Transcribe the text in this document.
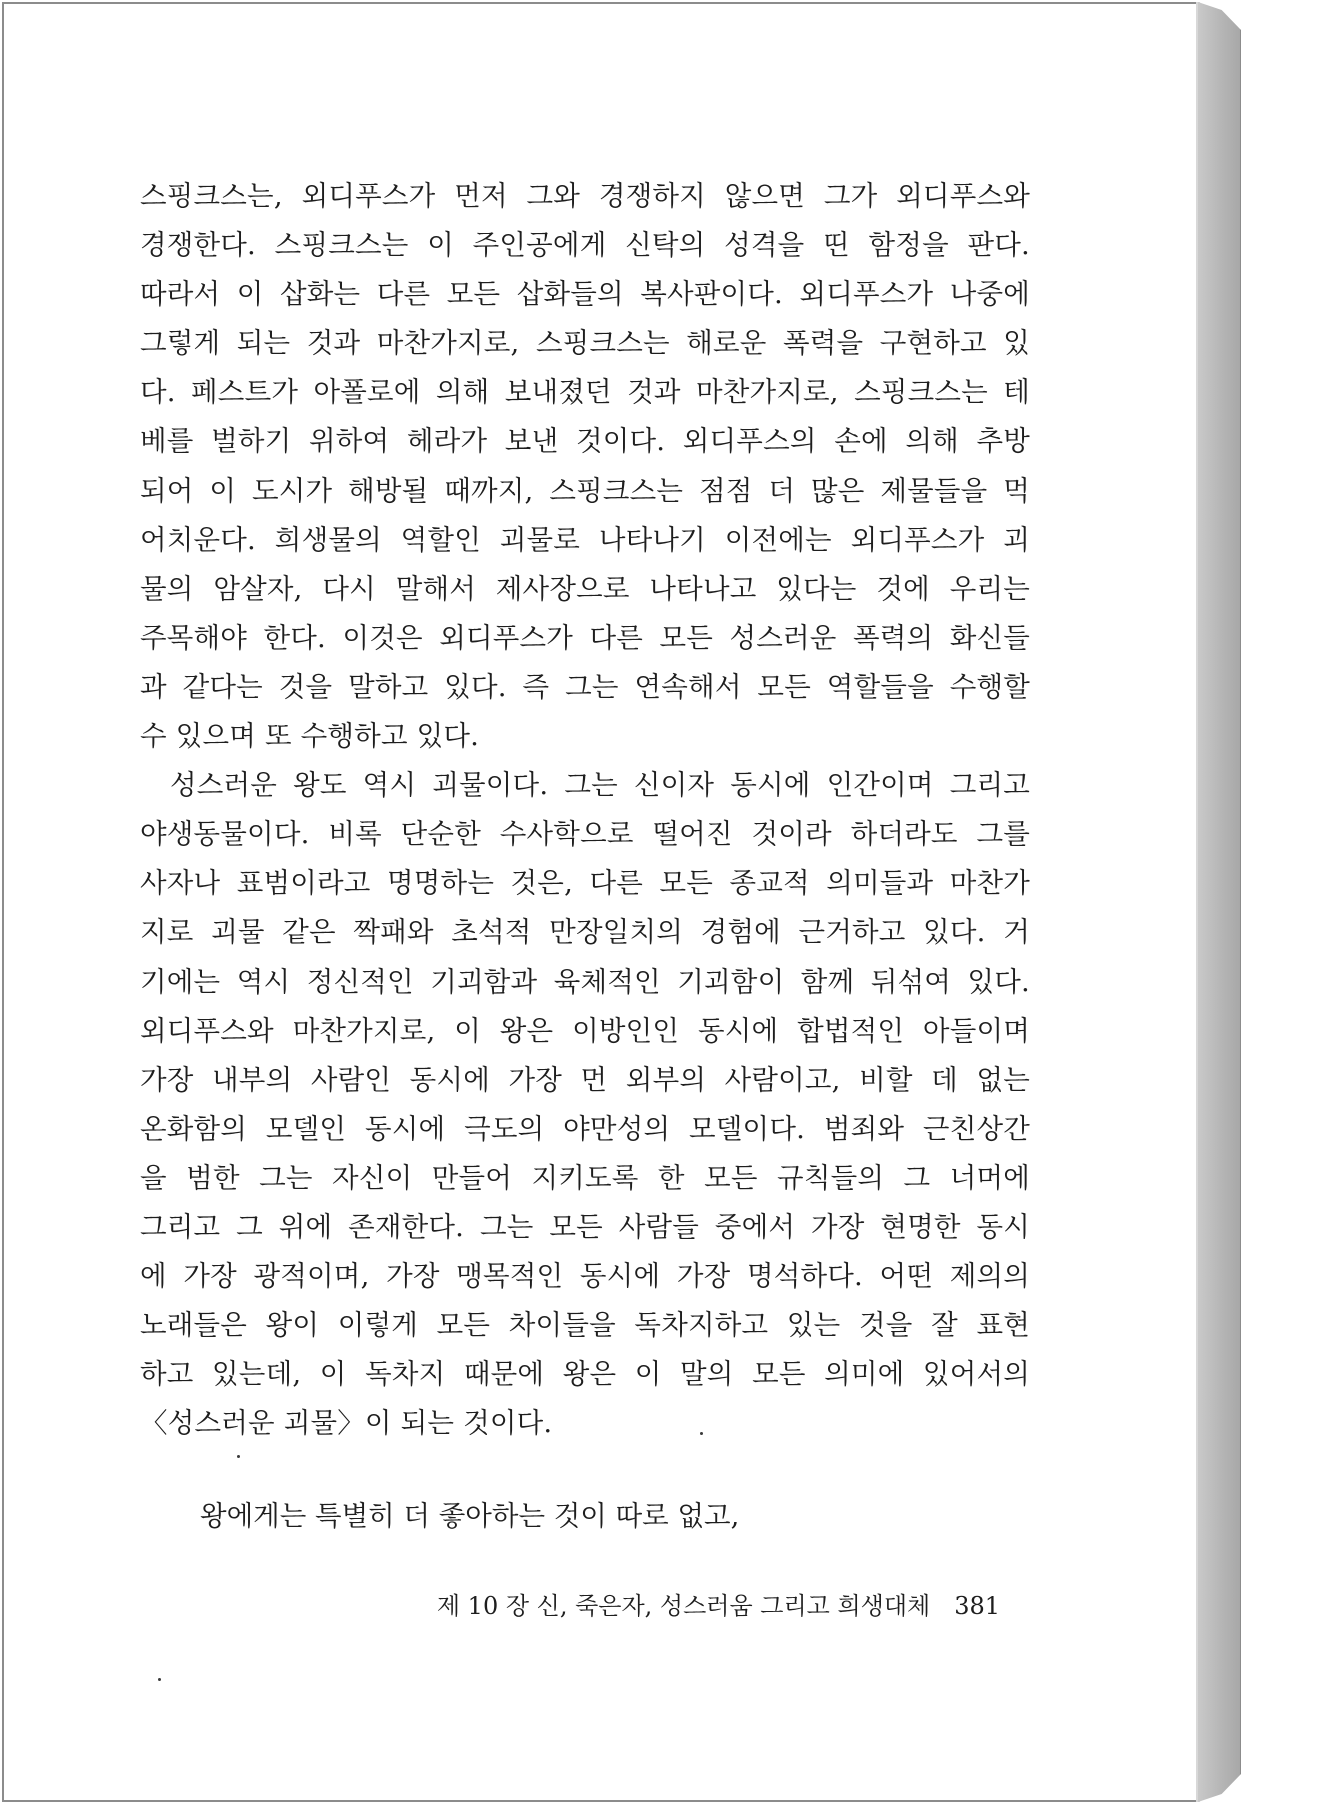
스핑크스는, 외디푸스가 먼저 그와 경쟁하지 않으면 그가 외디푸스와
경쟁한다. 스핑크스는 이 주인공에게 신탁의 성격을 띤 함정을 판다.
따라서 이 삽화는 다른 모든 삽화들의 복사판이다. 외디푸스가 나중에
그렇게 되는 것과 마찬가지로, 스핑크스는 해로운 폭력을 구현하고 있
다. 페스트가 아폴로에 의해 보내졌던 것과 마찬가지로, 스핑크스는 테
베를 벌하기 위하여 헤라가 보낸 것이다. 외디푸스의 손에 의해 추방
되어 이 도시가 해방될 때까지, 스핑크스는 점점 더 많은 제물들을 먹
어치운다. 희생물의 역할인 괴물로 나타나기 이전에는 외디푸스가 괴
물의 암살자, 다시 말해서 제사장으로 나타나고 있다는 것에 우리는
주목해야 한다. 이것은 외디푸스가 다른 모든 성스러운 폭력의 화신들
과 같다는 것을 말하고 있다. 즉 그는 연속해서 모든 역할들을 수행할
수 있으며 또 수행하고 있다.
성스러운 왕도 역시 괴물이다. 그는 신이자 동시에 인간이며 그리고
야생동물이다. 비록 단순한 수사학으로 떨어진 것이라 하더라도 그를
사자나 표범이라고 명명하는 것은, 다른 모든 종교적 의미들과 마찬가
지로 괴물 같은 짝패와 초석적 만장일치의 경험에 근거하고 있다. 거
기에는 역시 정신적인 기괴함과 육체적인 기괴함이 함께 뒤섞여 있다.
외디푸스와 마찬가지로, 이 왕은 이방인인 동시에 합법적인 아들이며
가장 내부의 사람인 동시에 가장 먼 외부의 사람이고, 비할 데 없는
온화함의 모델인 동시에 극도의 야만성의 모델이다. 범죄와 근친상간
을 범한 그는 자신이 만들어 지키도록 한 모든 규칙들의 그 너머에
그리고 그 위에 존재한다. 그는 모든 사람들 중에서 가장 현명한 동시
에 가장 광적이며, 가장 맹목적인 동시에 가장 명석하다. 어떤 제의의
노래들은 왕이 이렇게 모든 차이들을 독차지하고 있는 것을 잘 표현
하고 있는데, 이 독차지 때문에 왕은 이 말의 모든 의미에 있어서의
〈성스러운 괴물〉이 되는 것이다.
왕에게는 특별히 더 좋아하는 것이 따로 없고,
제 10 장 신, 죽은자, 성스러움 그리고 희생대체 381
